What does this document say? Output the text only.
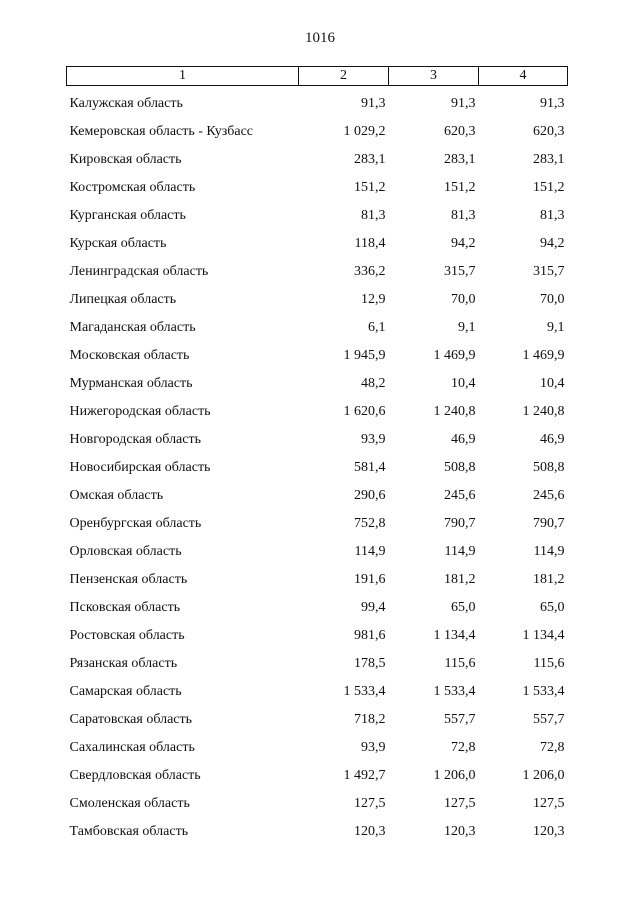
1016
1	2	3	4
Калужская область	91,3	91,3	91,3
Кемеровская область - Кузбасс	1 029,2	620,3	620,3
Кировская область	283,1	283,1	283,1
Костромская область	151,2	151,2	151,2
Курганская область	81,3	81,3	81,3
Курская область	118,4	94,2	94,2
Ленинградская область	336,2	315,7	315,7
Липецкая область	12,9	70,0	70,0
Магаданская область	6,1	9,1	9,1
Московская область	1 945,9	1 469,9	1 469,9
Мурманская область	48,2	10,4	10,4
Нижегородская область	1 620,6	1 240,8	1 240,8
Новгородская область	93,9	46,9	46,9
Новосибирская область	581,4	508,8	508,8
Омская область	290,6	245,6	245,6
Оренбургская область	752,8	790,7	790,7
Орловская область	114,9	114,9	114,9
Пензенская область	191,6	181,2	181,2
Псковская область	99,4	65,0	65,0
Ростовская область	981,6	1 134,4	1 134,4
Рязанская область	178,5	115,6	115,6
Самарская область	1 533,4	1 533,4	1 533,4
Саратовская область	718,2	557,7	557,7
Сахалинская область	93,9	72,8	72,8
Свердловская область	1 492,7	1 206,0	1 206,0
Смоленская область	127,5	127,5	127,5
Тамбовская область	120,3	120,3	120,3
